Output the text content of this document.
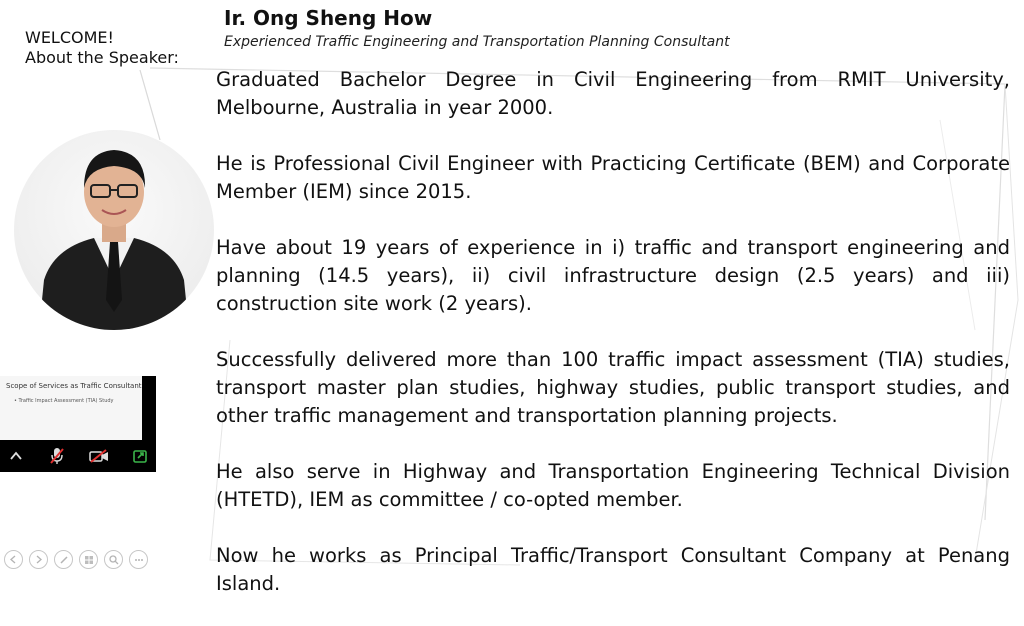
WELCOME!
About the Speaker:
Ir. Ong Sheng How
Experienced Traffic Engineering and Transportation Planning Consultant

Graduated Bachelor Degree in Civil Engineering from RMIT University, Melbourne, Australia in year 2000.

He is Professional Civil Engineer with Practicing Certificate (BEM) and Corporate Member (IEM) since 2015.

Have about 19 years of experience in i) traffic and transport engineering and planning (14.5 years), ii) civil infrastructure design (2.5 years) and iii) construction site work (2 years).

Successfully delivered more than 100 traffic impact assessment (TIA) studies, transport master plan studies, highway studies, public transport studies, and other traffic management and transportation planning projects.

He also serve in Highway and Transportation Engineering Technical Division (HTETD), IEM as committee / co-opted member.

Now he works as Principal Traffic/Transport Consultant Company at Penang Island.

Scope of Services as Traffic Consultant
• Traffic Impact Assessment (TIA) Study
